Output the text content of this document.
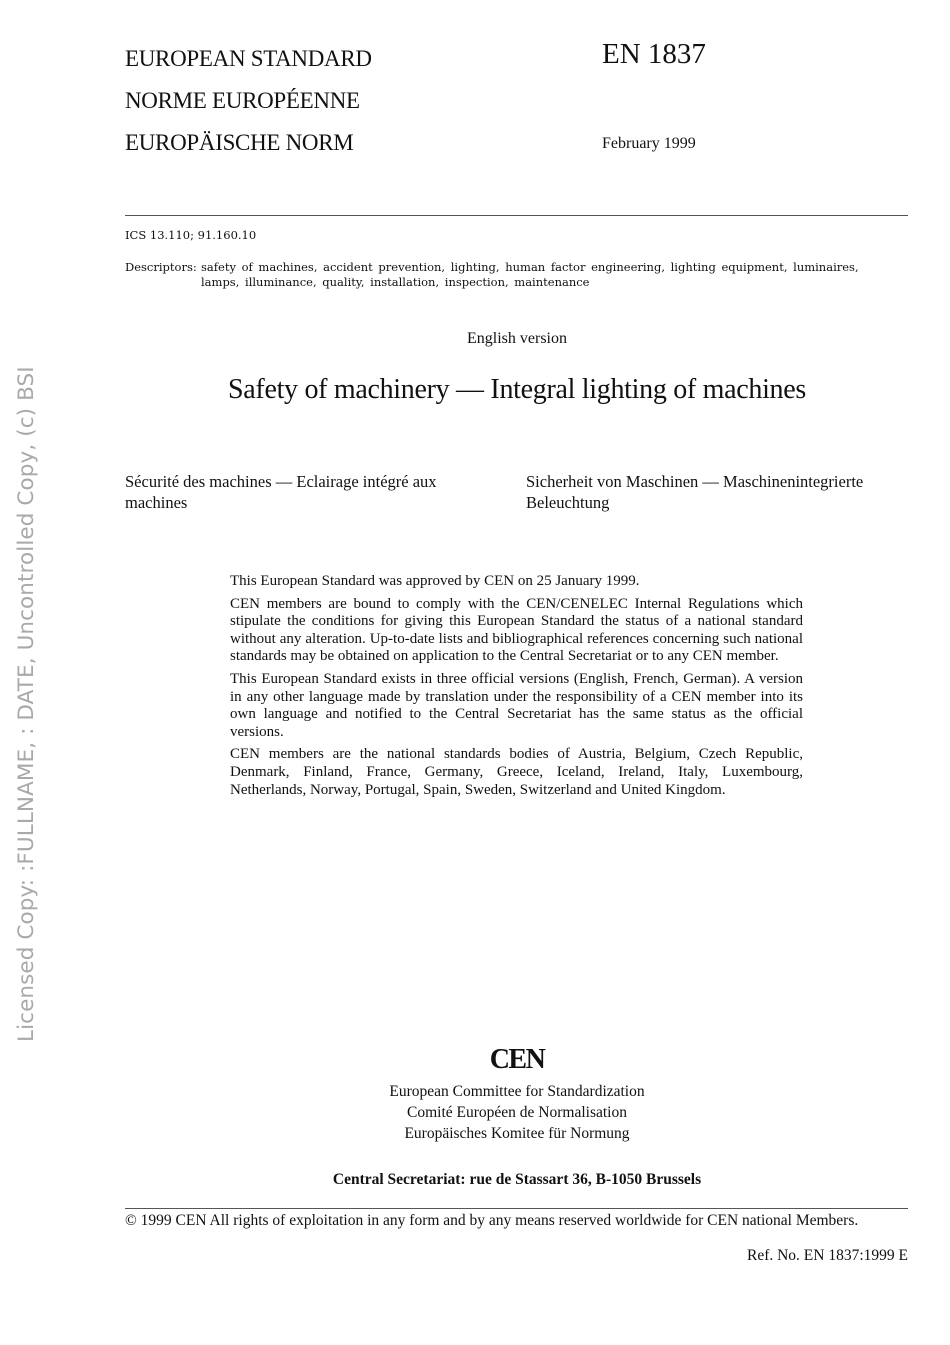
Licensed Copy: :FULLNAME, : DATE, Uncontrolled Copy, (c) BSI
EUROPEAN STANDARD
NORME EUROPÉENNE
EUROPÄISCHE NORM
EN 1837
February 1999
ICS 13.110; 91.160.10
Descriptors: safety of machines, accident prevention, lighting, human factor engineering, lighting equipment, luminaires, lamps, illuminance, quality, installation, inspection, maintenance
English version
Safety of machinery — Integral lighting of machines
Sécurité des machines — Eclairage intégré aux machines
Sicherheit von Maschinen — Maschinenintegrierte Beleuchtung

This European Standard was approved by CEN on 25 January 1999.

CEN members are bound to comply with the CEN/CENELEC Internal Regulations which stipulate the conditions for giving this European Standard the status of a national standard without any alteration. Up-to-date lists and bibliographical references concerning such national standards may be obtained on application to the Central Secretariat or to any CEN member.

This European Standard exists in three official versions (English, French, German). A version in any other language made by translation under the responsibility of a CEN member into its own language and notified to the Central Secretariat has the same status as the official versions.

CEN members are the national standards bodies of Austria, Belgium, Czech Republic, Denmark, Finland, France, Germany, Greece, Iceland, Ireland, Italy, Luxembourg, Netherlands, Norway, Portugal, Spain, Sweden, Switzerland and United Kingdom.

CEN
European Committee for Standardization
Comité Européen de Normalisation
Europäisches Komitee für Normung
Central Secretariat: rue de Stassart 36, B-1050 Brussels
© 1999 CEN All rights of exploitation in any form and by any means reserved worldwide for CEN national Members.
Ref. No. EN 1837:1999 E
